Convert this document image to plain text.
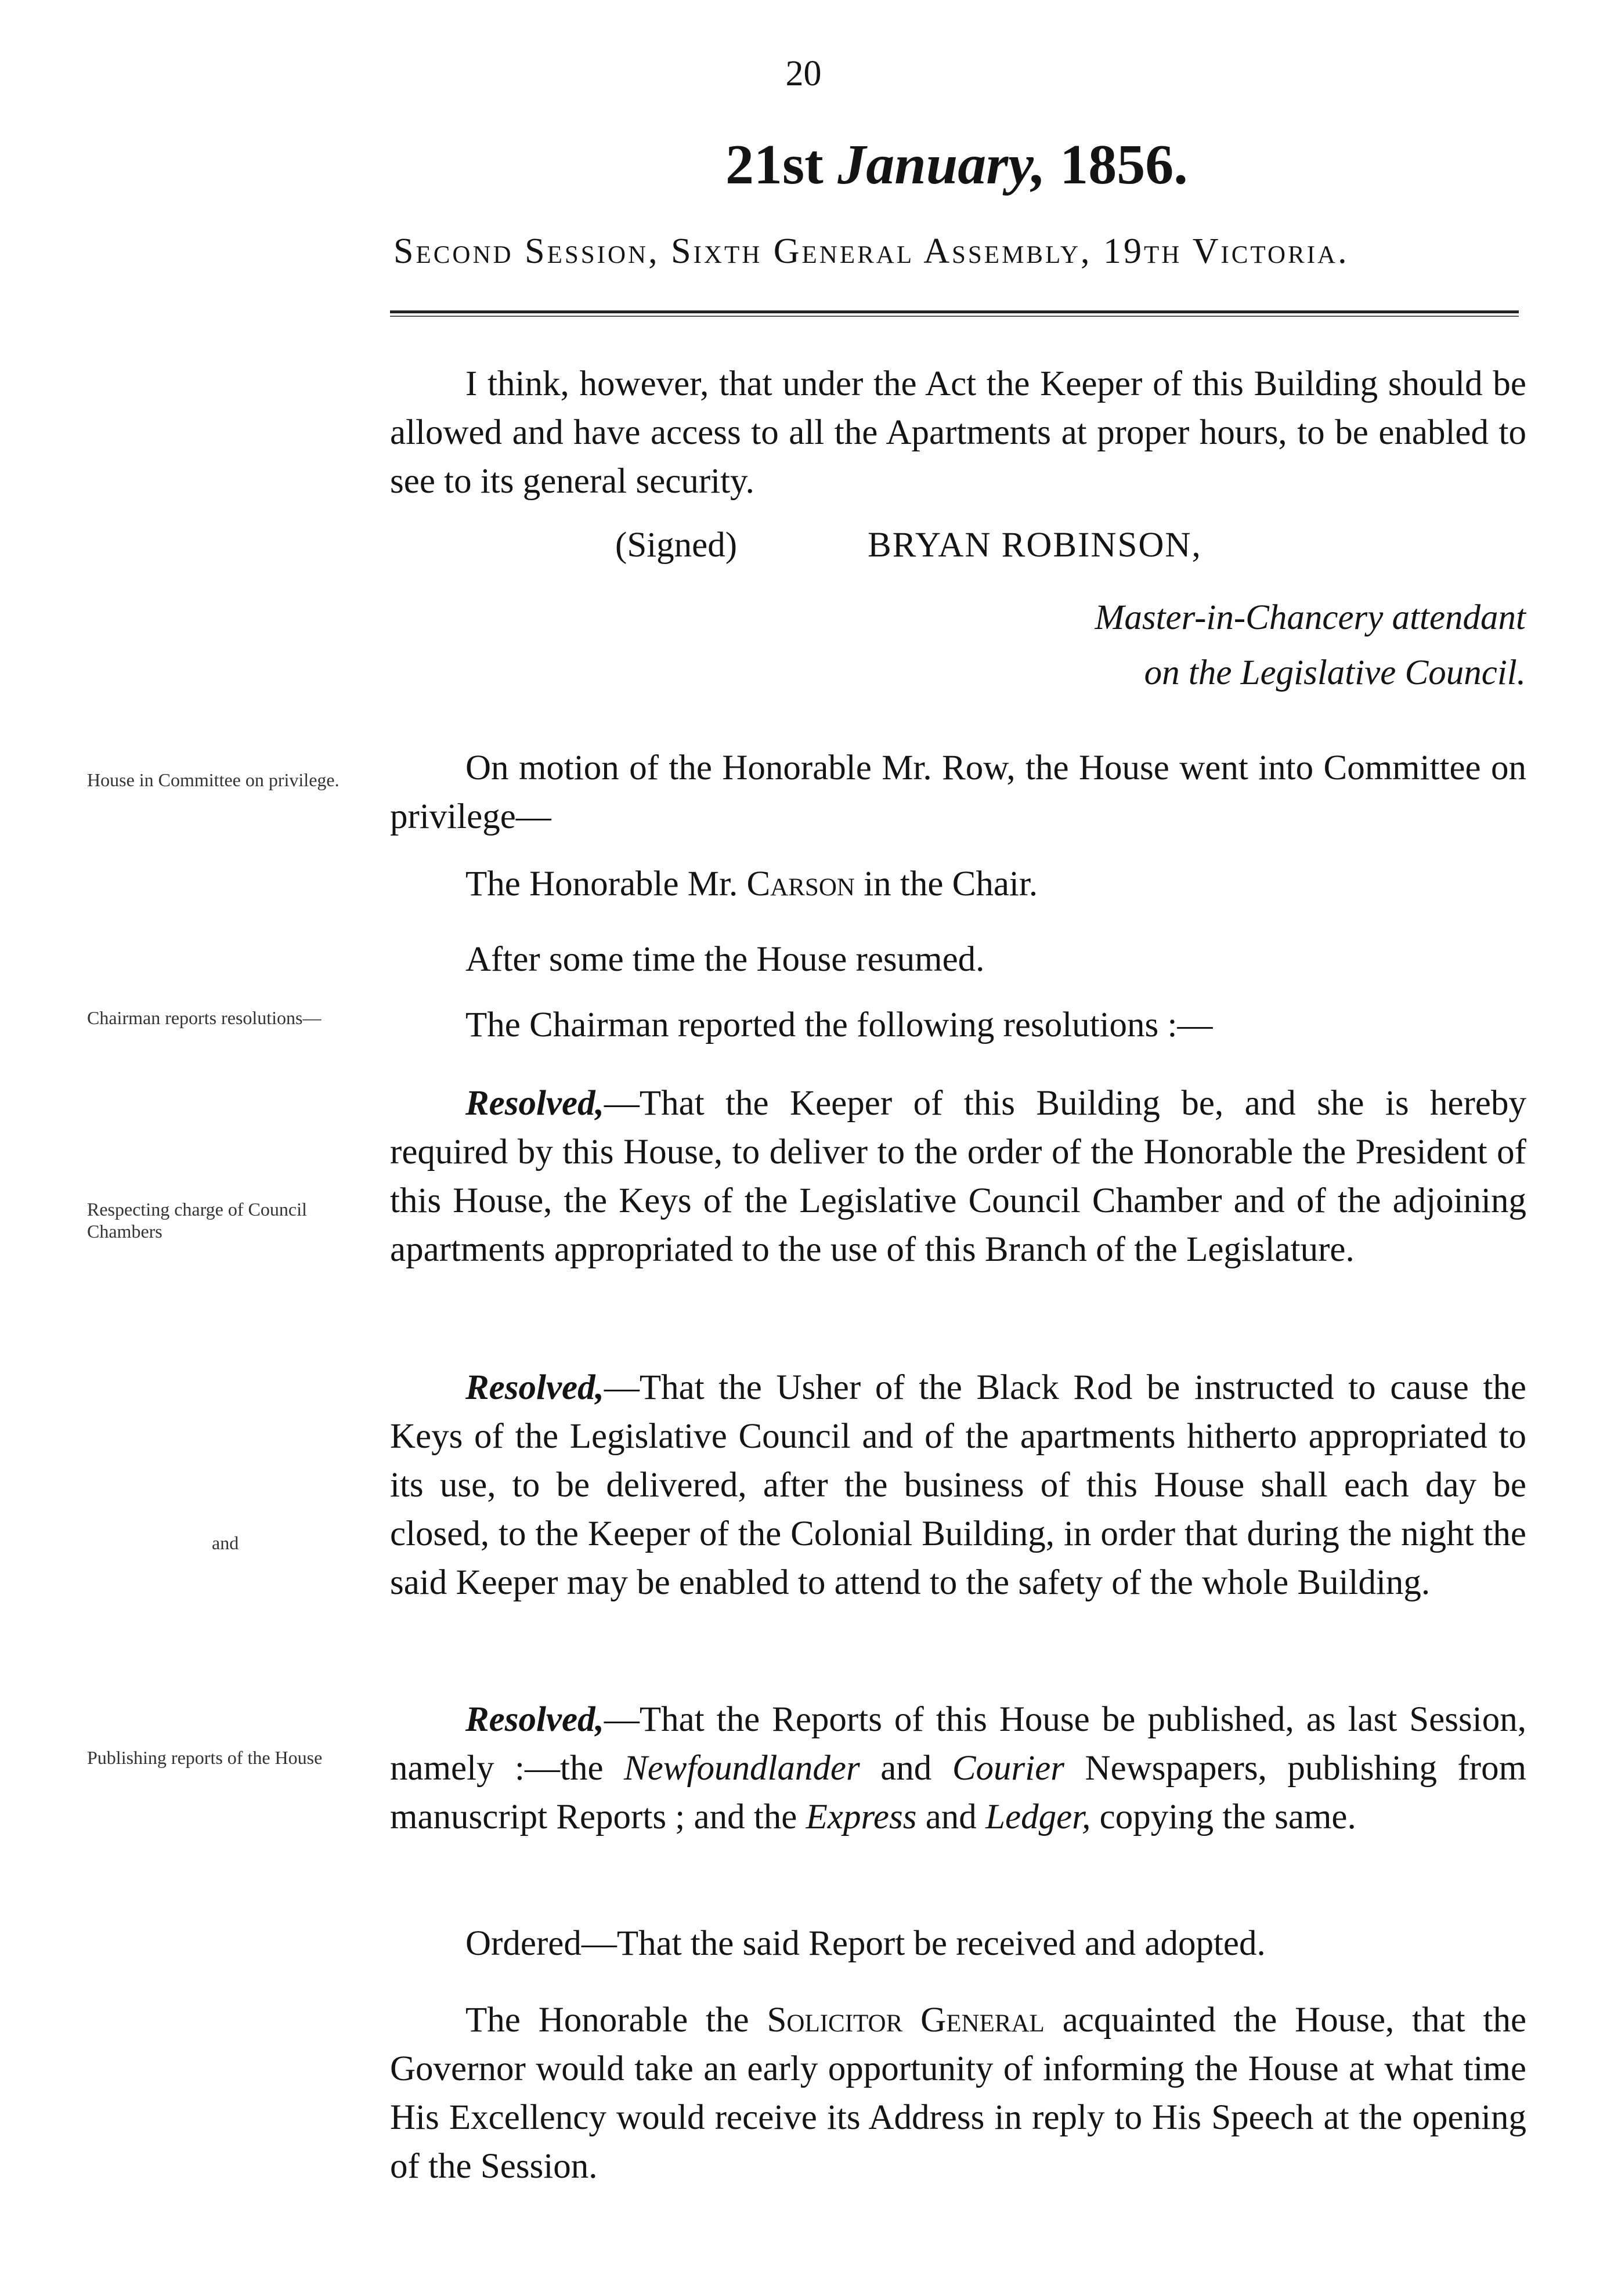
20
21st January, 1856.
Second Session, Sixth General Assembly, 19th Victoria.

I think, however, that under the Act the Keeper of this Building should be allowed and have access to all the Apartments at proper hours, to be enabled to see to its general security.

(Signed)	BRYAN ROBINSON,
Master-in-Chancery attendant
on the Legislative Council.
House in Committee on privilege.
Chairman reports resolutions—
Respecting charge of Council Chambers
and
Publishing reports of the House

On motion of the Honorable Mr. Row, the House went into Committee on privilege—

The Honorable Mr. Carson in the Chair.

After some time the House resumed.

The Chairman reported the following resolutions :—

Resolved,—That the Keeper of this Building be, and she is hereby required by this House, to deliver to the order of the Honorable the President of this House, the Keys of the Legislative Council Chamber and of the adjoining apartments appropriated to the use of this Branch of the Legislature.

Resolved,—That the Usher of the Black Rod be instructed to cause the Keys of the Legislative Council and of the apartments hitherto appropriated to its use, to be delivered, after the business of this House shall each day be closed, to the Keeper of the Colonial Building, in order that during the night the said Keeper may be enabled to attend to the safety of the whole Building.

Resolved,—That the Reports of this House be published, as last Session, namely :—the Newfoundlander and Courier Newspapers, publishing from manuscript Reports ; and the Express and Ledger, copying the same.

Ordered—That the said Report be received and adopted.

The Honorable the Solicitor General acquainted the House, that the Governor would take an early opportunity of informing the House at what time His Excellency would receive its Address in reply to His Speech at the opening of the Session.
